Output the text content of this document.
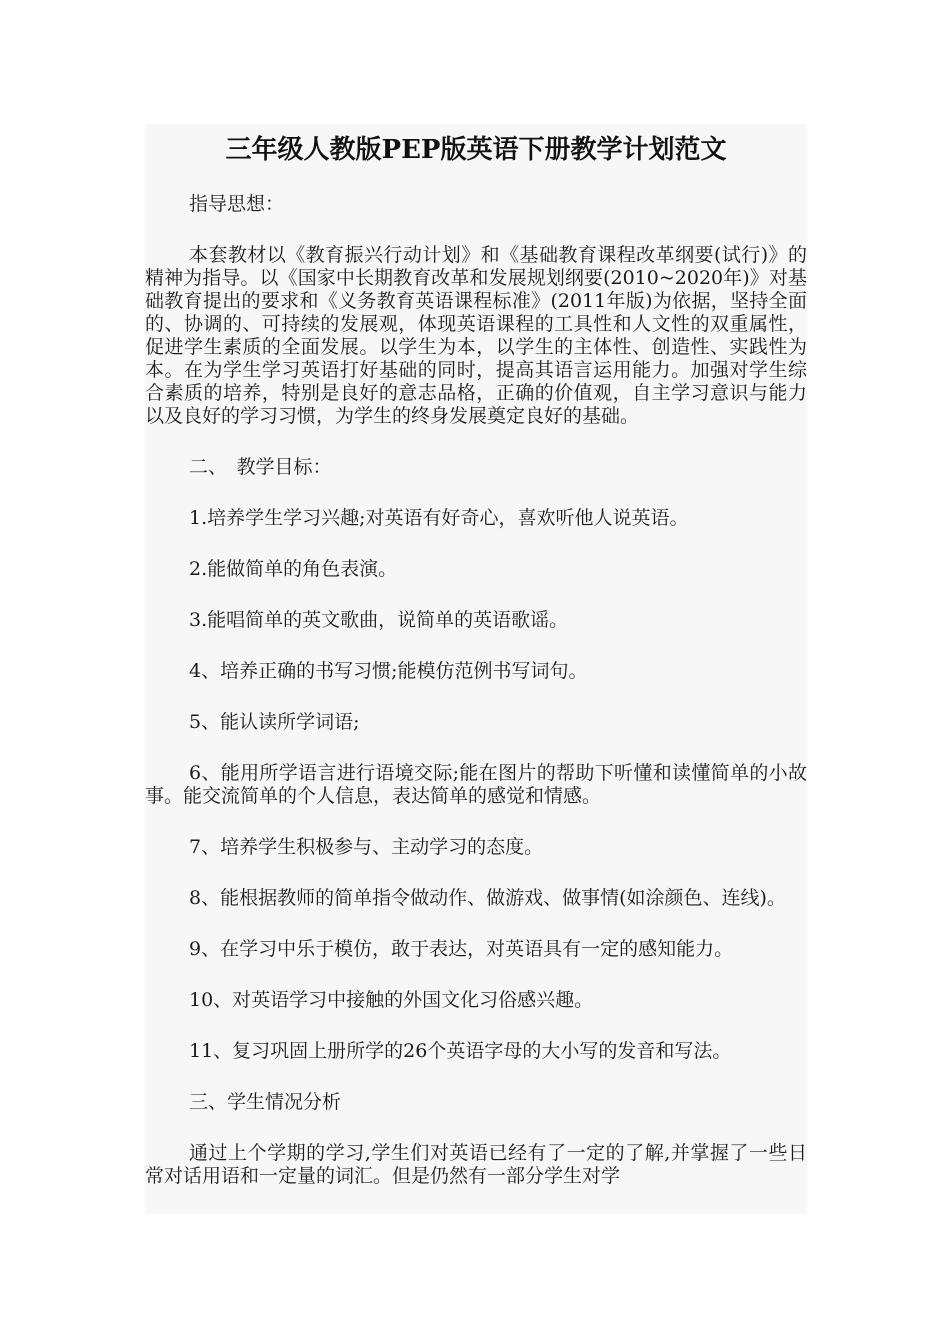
三年级人教版PEP版英语下册教学计划范文

指导思想：

本套教材以《教育振兴行动计划》和《基础教育课程改革纲要(试行)》的精神为指导。以《国家中长期教育改革和发展规划纲要(2010~2020年)》对基础教育提出的要求和《义务教育英语课程标准》(2011年版)为依据，坚持全面的、协调的、可持续的发展观，体现英语课程的工具性和人文性的双重属性，促进学生素质的全面发展。以学生为本，以学生的主体性、创造性、实践性为本。在为学生学习英语打好基础的同时，提高其语言运用能力。加强对学生综合素质的培养，特别是良好的意志品格，正确的价值观，自主学习意识与能力以及良好的学习习惯，为学生的终身发展奠定良好的基础。

二、　教学目标：

1.培养学生学习兴趣;对英语有好奇心，喜欢听他人说英语。

2.能做简单的角色表演。

3.能唱简单的英文歌曲，说简单的英语歌谣。

4、培养正确的书写习惯;能模仿范例书写词句。

5、能认读所学词语;

6、能用所学语言进行语境交际;能在图片的帮助下听懂和读懂简单的小故事。能交流简单的个人信息，表达简单的感觉和情感。

7、培养学生积极参与、主动学习的态度。

8、能根据教师的简单指令做动作、做游戏、做事情(如涂颜色、连线)。

9、在学习中乐于模仿，敢于表达，对英语具有一定的感知能力。

10、对英语学习中接触的外国文化习俗感兴趣。

11、复习巩固上册所学的26个英语字母的大小写的发音和写法。

三、学生情况分析

通过上个学期的学习,学生们对英语已经有了一定的了解,并掌握了一些日常对话用语和一定量的词汇。但是仍然有一部分学生对学
